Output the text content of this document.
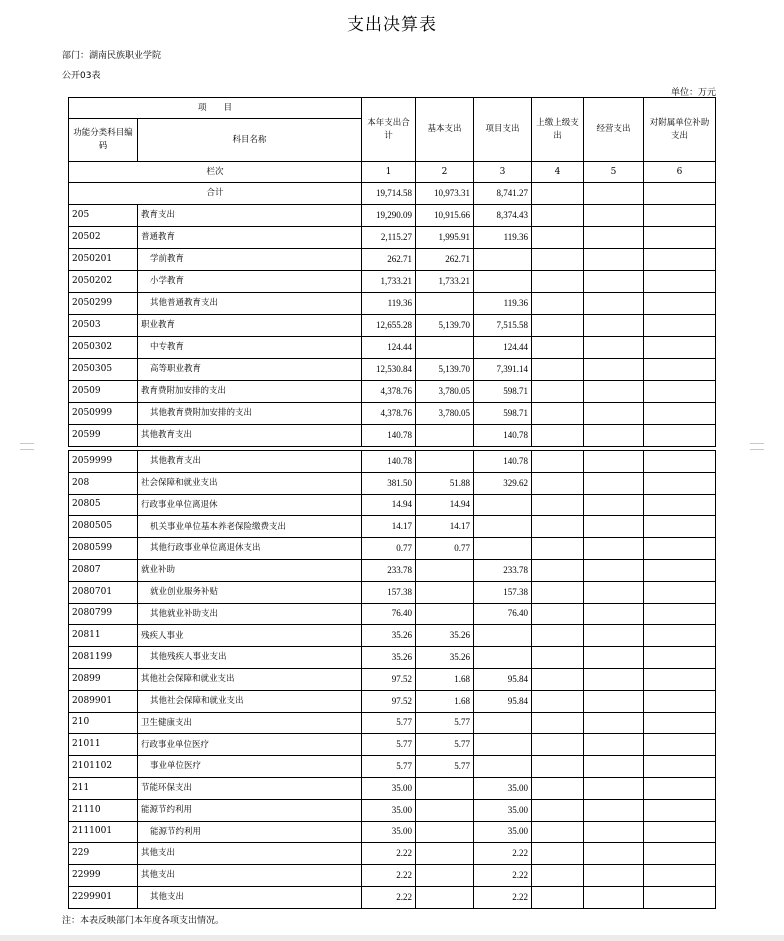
支出决算表
部门：湖南民族职业学院
公开03表
单位：万元
项　　目		本年支出合计	基本支出	项目支出	上缴上级支出	经营支出	对附属单位补助支出
功能分类科目编码	科目名称						
栏次		1	2	3	4	5	6
合计		19,714.58	10,973.31	8,741.27			
205	教育支出	19,290.09	10,915.66	8,374.43			
20502	普通教育	2,115.27	1,995.91	119.36			
2050201	学前教育	262.71	262.71				
2050202	小学教育	1,733.21	1,733.21				
2050299	其他普通教育支出	119.36		119.36			
20503	职业教育	12,655.28	5,139.70	7,515.58			
2050302	中专教育	124.44		124.44			
2050305	高等职业教育	12,530.84	5,139.70	7,391.14			
20509	教育费附加安排的支出	4,378.76	3,780.05	598.71			
2050999	其他教育费附加安排的支出	4,378.76	3,780.05	598.71			
20599	其他教育支出	140.78		140.78			
2059999	其他教育支出	140.78		140.78			
208	社会保障和就业支出	381.50	51.88	329.62			
20805	行政事业单位离退休	14.94	14.94				
2080505	机关事业单位基本养老保险缴费支出	14.17	14.17				
2080599	其他行政事业单位离退休支出	0.77	0.77				
20807	就业补助	233.78		233.78			
2080701	就业创业服务补贴	157.38		157.38			
2080799	其他就业补助支出	76.40		76.40			
20811	残疾人事业	35.26	35.26				
2081199	其他残疾人事业支出	35.26	35.26				
20899	其他社会保障和就业支出	97.52	1.68	95.84			
2089901	其他社会保障和就业支出	97.52	1.68	95.84			
210	卫生健康支出	5.77	5.77				
21011	行政事业单位医疗	5.77	5.77				
2101102	事业单位医疗	5.77	5.77				
211	节能环保支出	35.00		35.00			
21110	能源节约利用	35.00		35.00			
2111001	能源节约利用	35.00		35.00			
229	其他支出	2.22		2.22			
22999	其他支出	2.22		2.22			
2299901	其他支出	2.22		2.22			
注：本表反映部门本年度各项支出情况。
